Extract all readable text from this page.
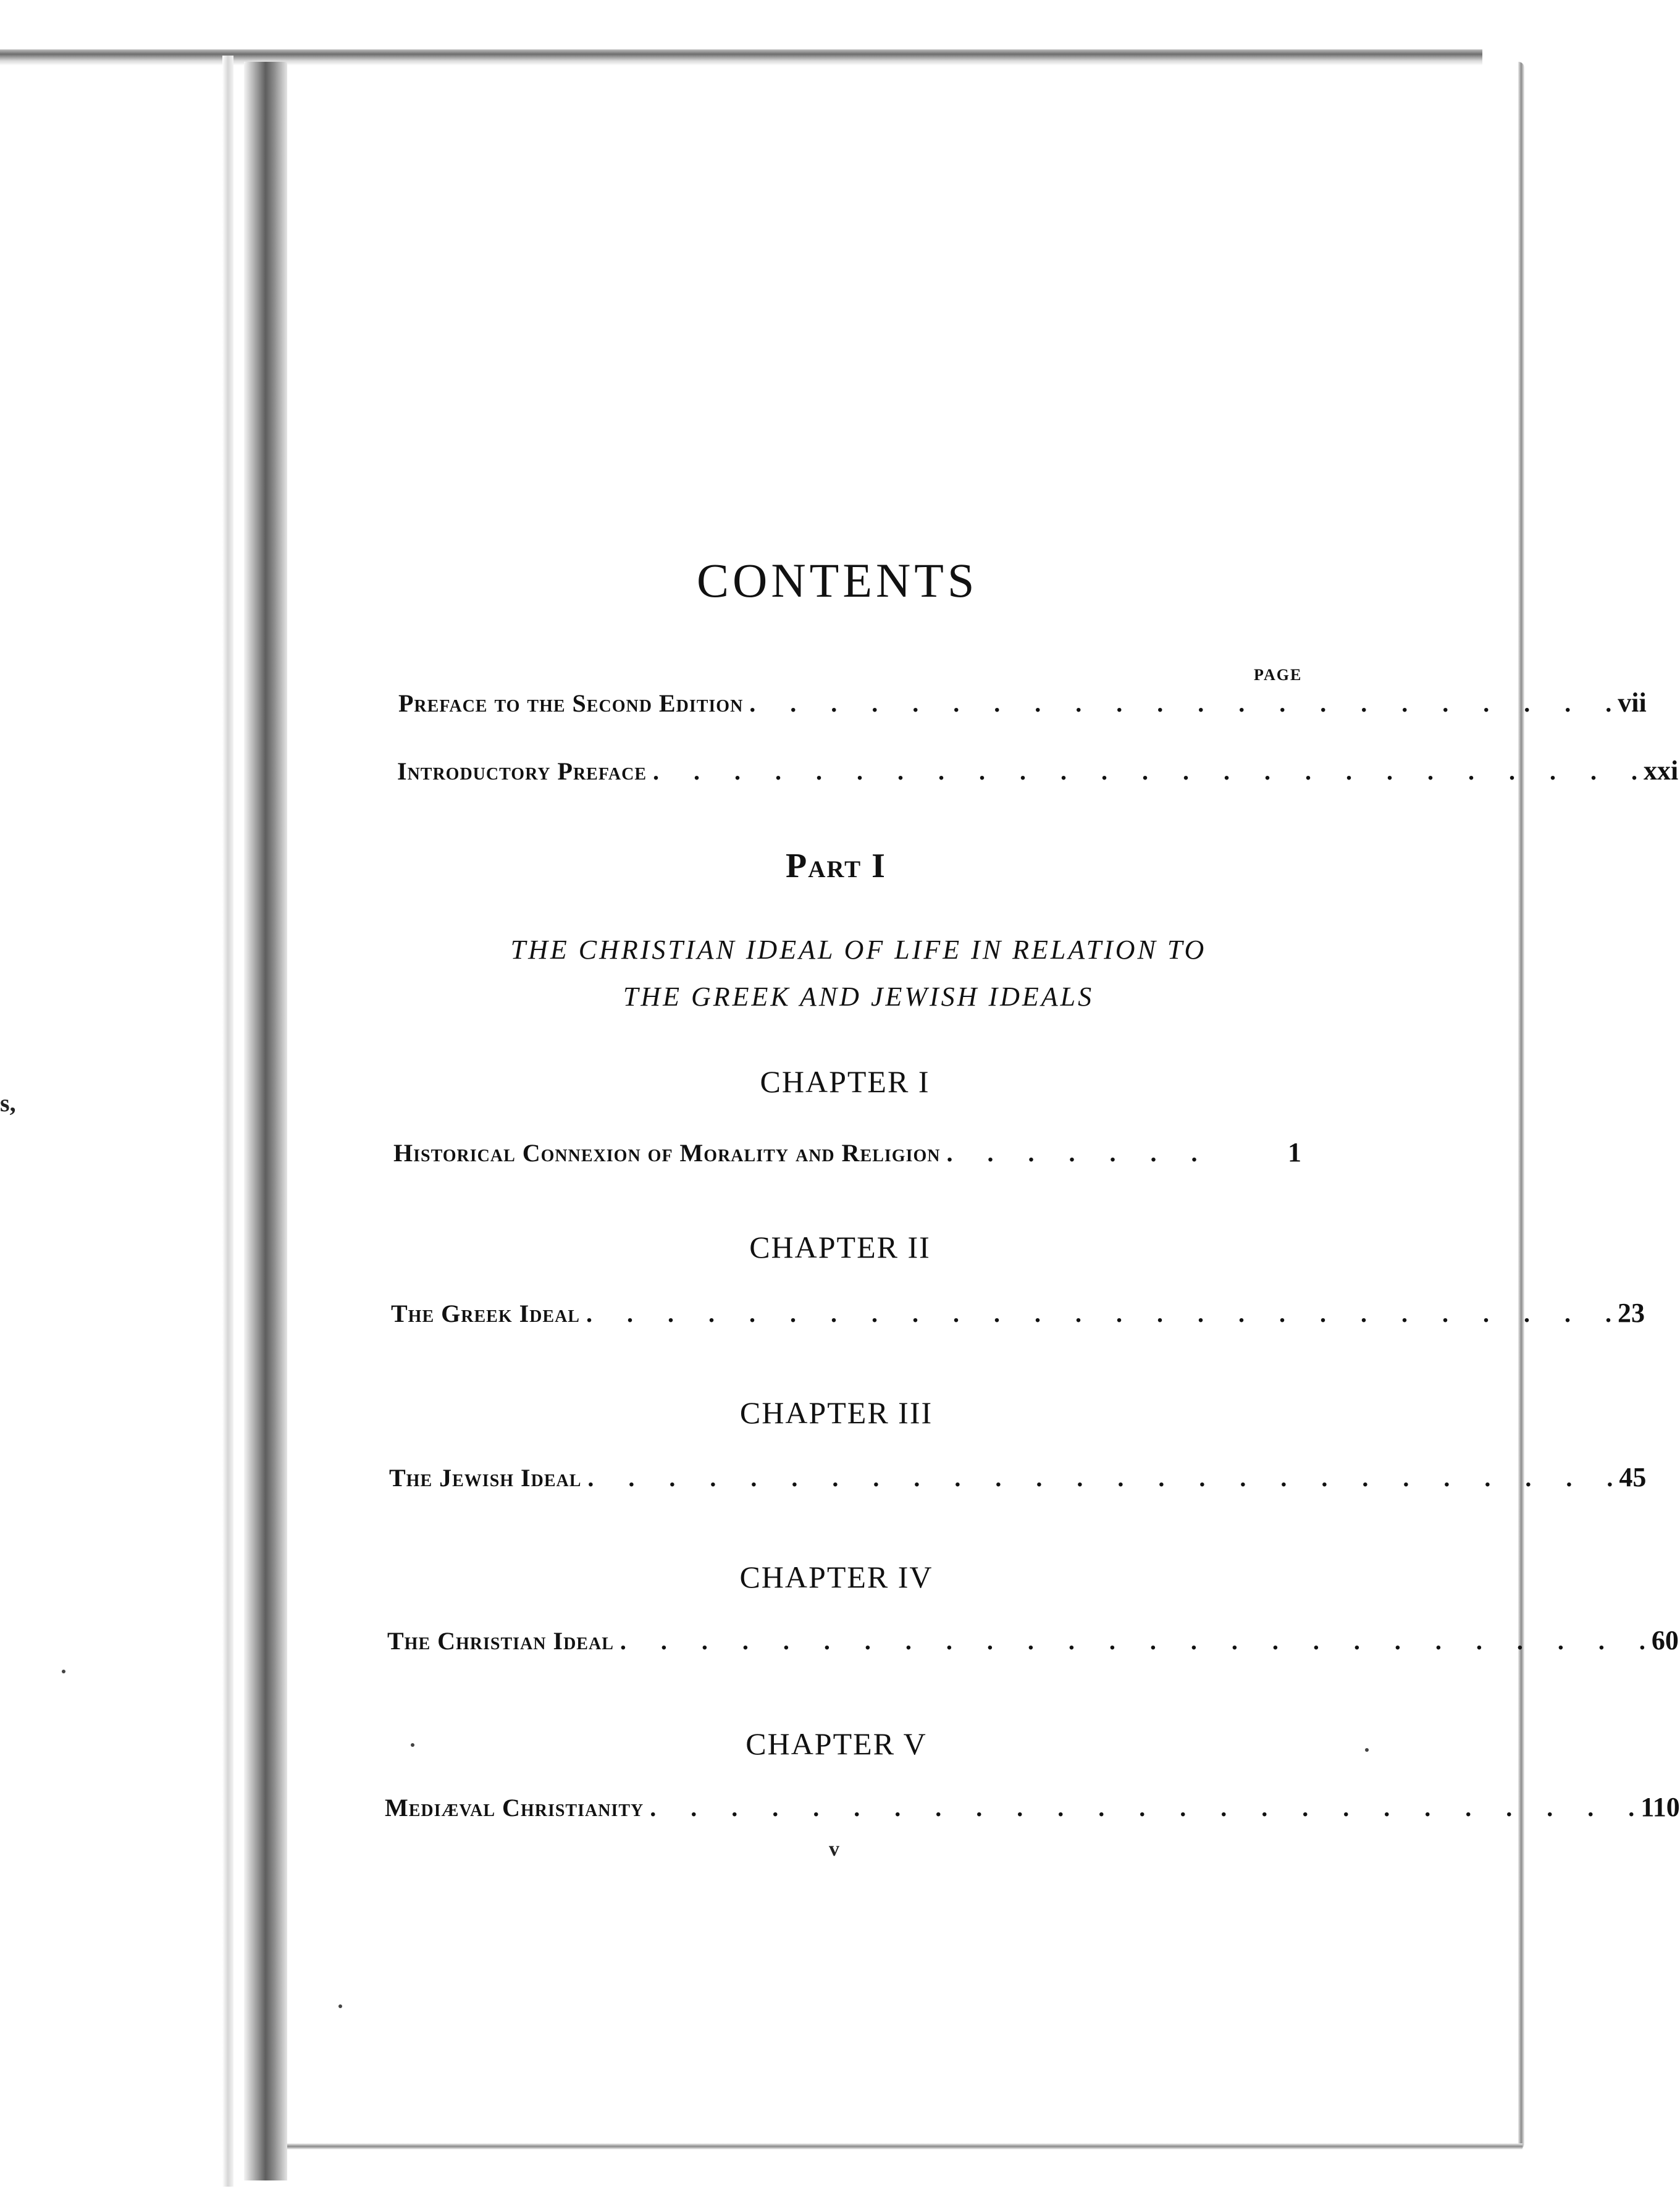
s,
CONTENTS
PAGE
Preface to the Second Edition . . . . . . . . . . . . . . . . . . . . . . vii
Introductory Preface . . . . . . . . . . . . . . . . . . . . . . . . . xxi
Part I
THE CHRISTIAN IDEAL OF LIFE IN RELATION TO
THE GREEK AND JEWISH IDEALS
CHAPTER I
Historical Connexion of Morality and Religion . . . . . . .	1
CHAPTER II
The Greek Ideal . . . . . . . . . . . . . . . . . . . . . . . . . . 23
CHAPTER III
The Jewish Ideal . . . . . . . . . . . . . . . . . . . . . . . . . . 45
CHAPTER IV
The Christian Ideal . . . . . . . . . . . . . . . . . . . . . . . . . . 60
CHAPTER V
Mediæval Christianity . . . . . . . . . . . . . . . . . . . . . . . . . 110
v
